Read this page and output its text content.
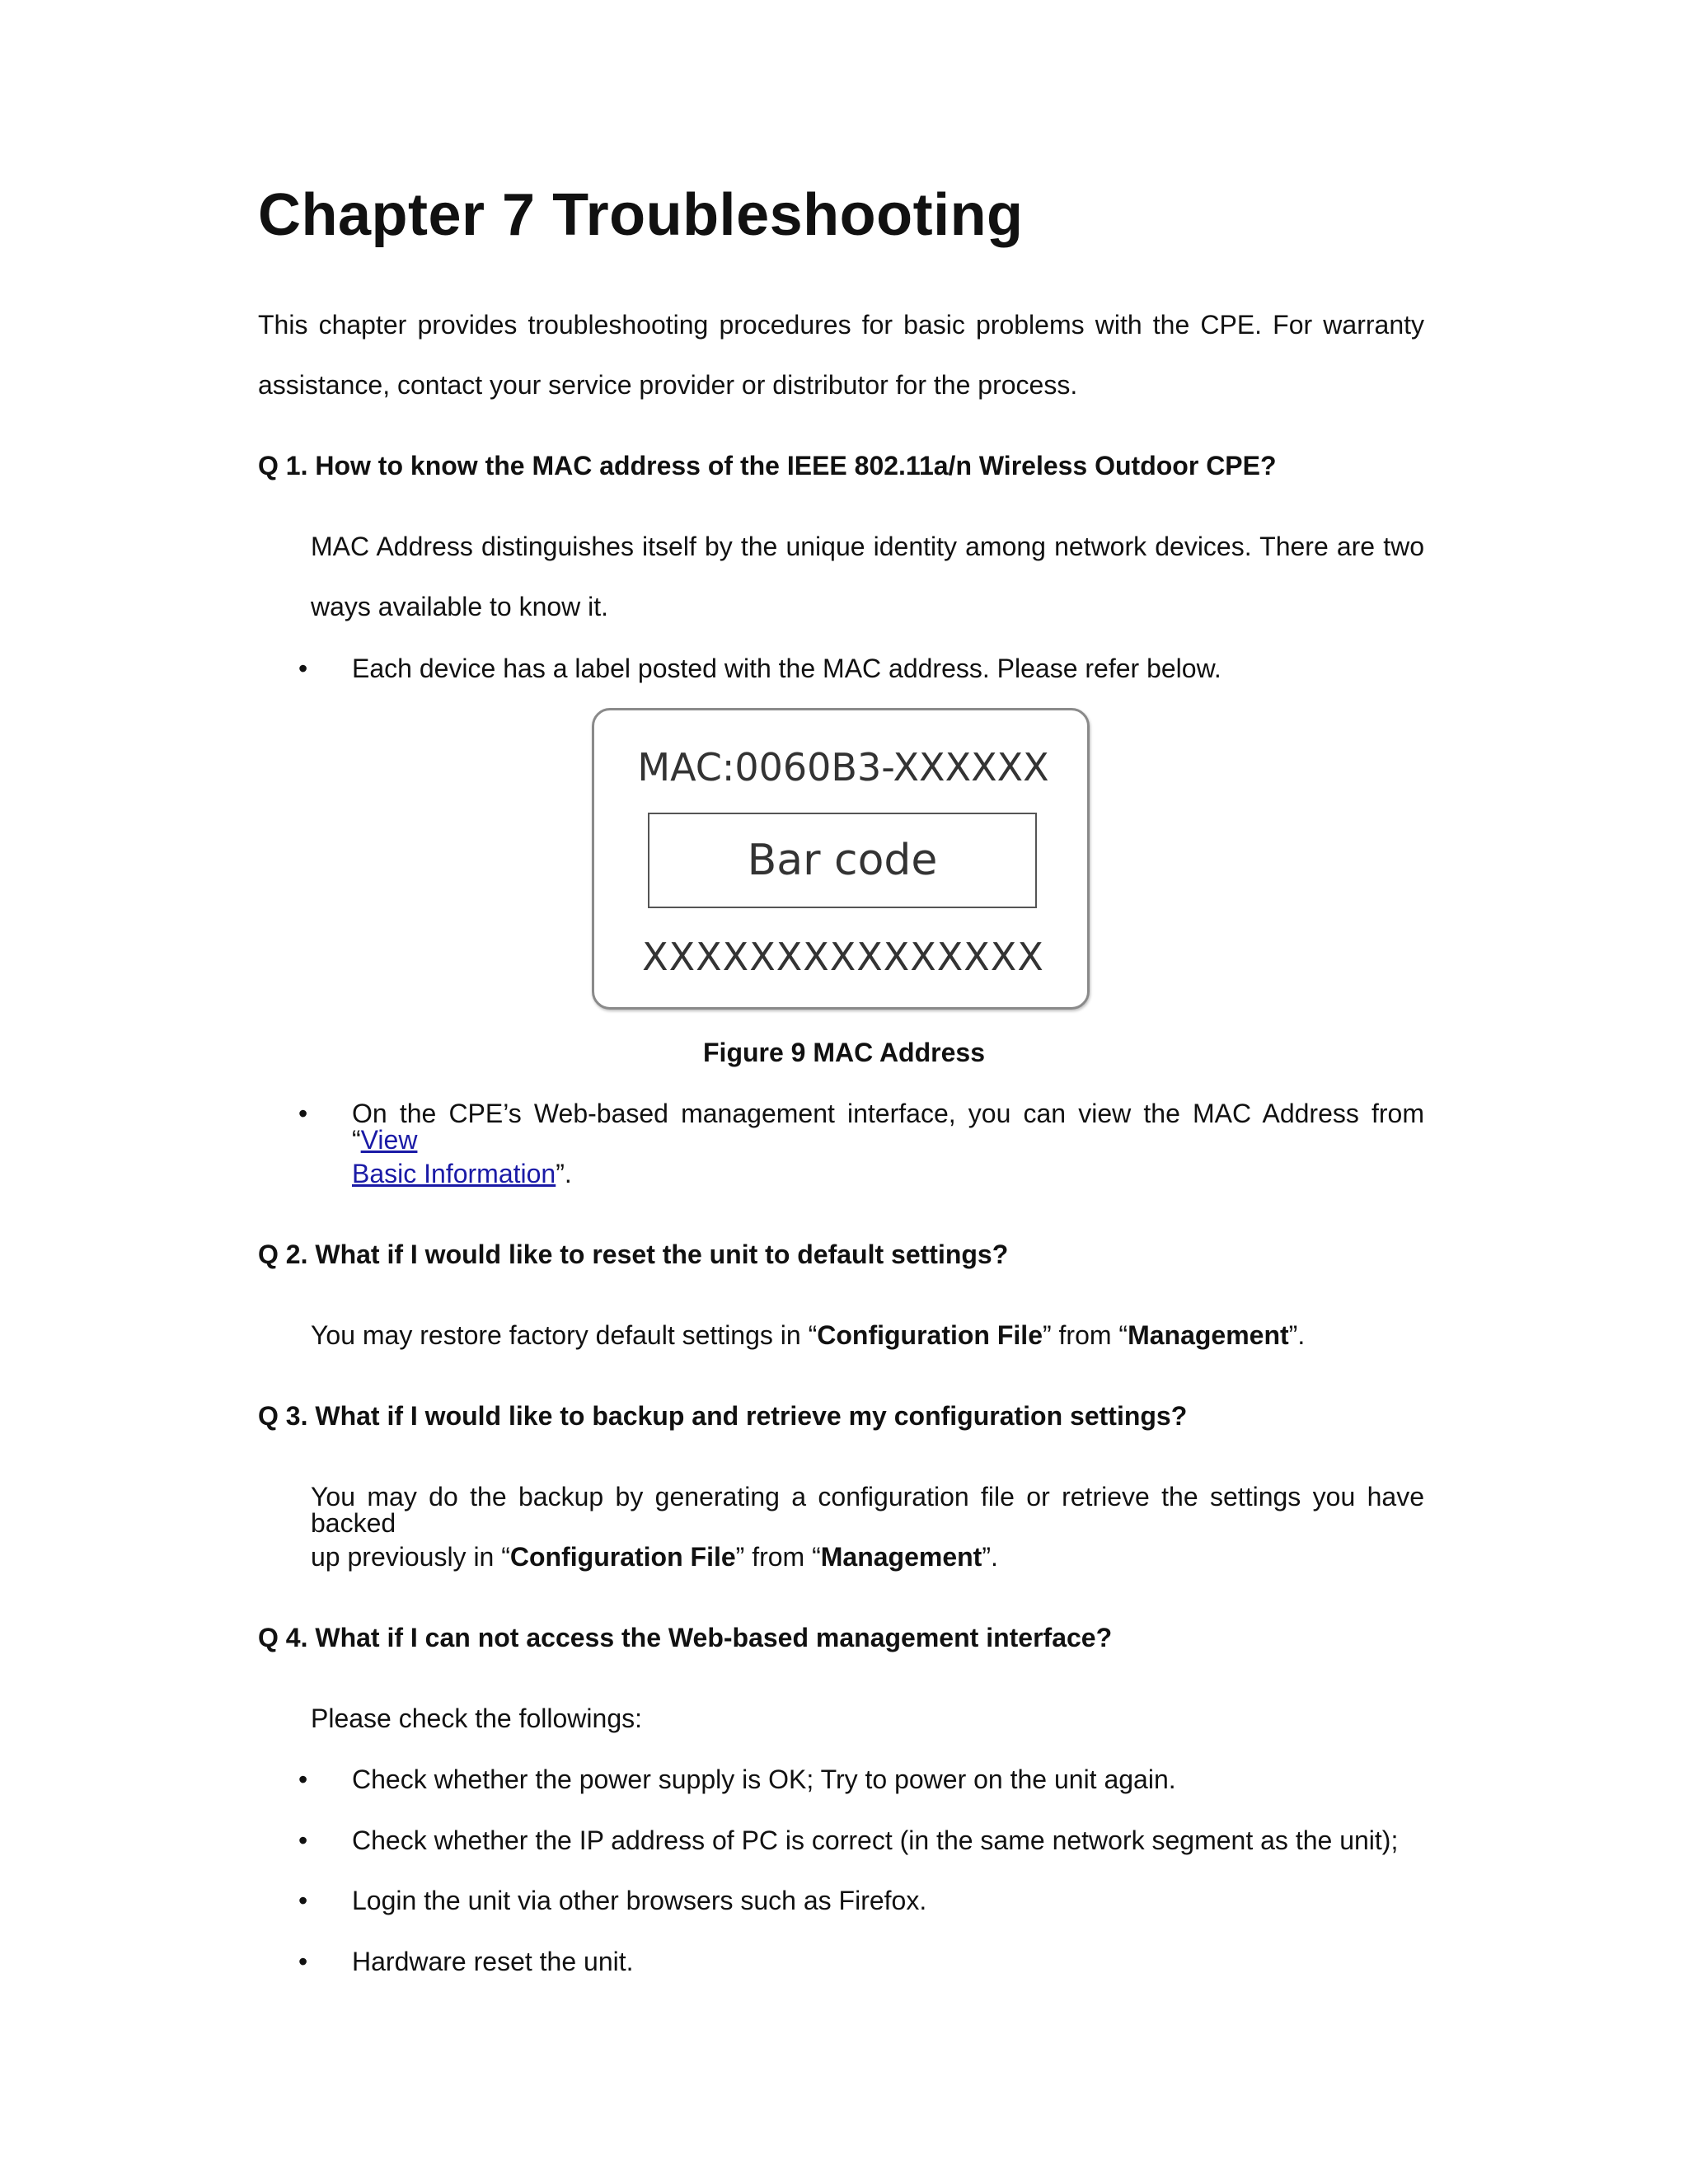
Chapter 7 Troubleshooting
This chapter provides troubleshooting procedures for basic problems with the CPE. For warranty
assistance, contact your service provider or distributor for the process.
Q 1. How to know the MAC address of the IEEE 802.11a/n Wireless Outdoor CPE?
MAC Address distinguishes itself by the unique identity among network devices. There are two
ways available to know it.
• Each device has a label posted with the MAC address. Please refer below.
MAC:0060B3-XXXXXX
Bar code
XXXXXXXXXXXXXXX
Figure 9 MAC Address
• On the CPE’s Web-based management interface, you can view the MAC Address from “View
Basic Information”.
Q 2. What if I would like to reset the unit to default settings?
You may restore factory default settings in “Configuration File” from “Management”.
Q 3. What if I would like to backup and retrieve my configuration settings?
You may do the backup by generating a configuration file or retrieve the settings you have backed
up previously in “Configuration File” from “Management”.
Q 4. What if I can not access the Web-based management interface?
Please check the followings:
• Check whether the power supply is OK; Try to power on the unit again.
• Check whether the IP address of PC is correct (in the same network segment as the unit);
• Login the unit via other browsers such as Firefox.
• Hardware reset the unit.
